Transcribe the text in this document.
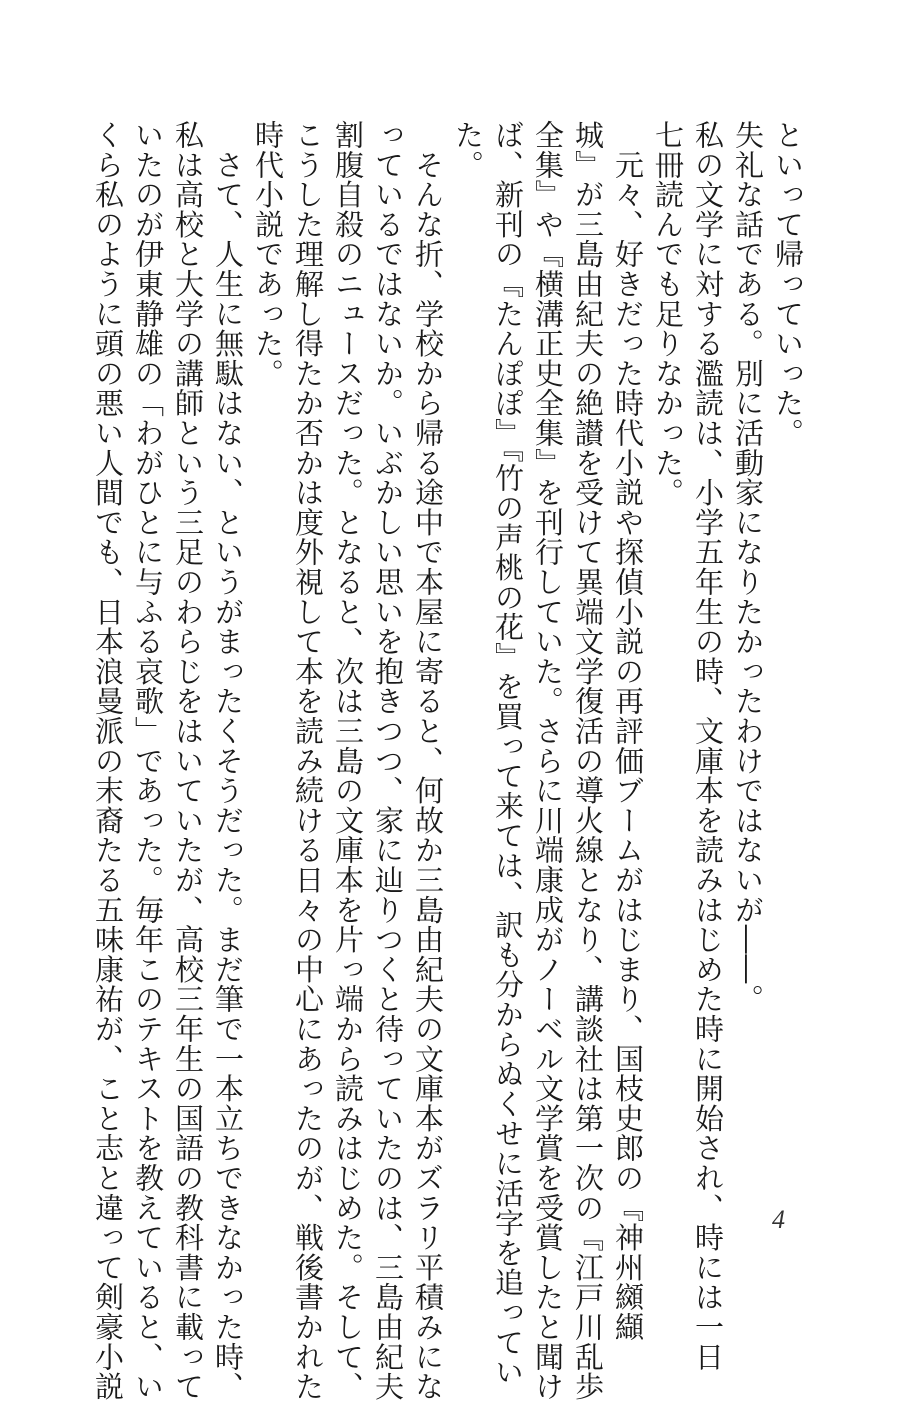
といって帰っていった。
失礼な話である。別に活動家になりたかったわけではないが――。
私の文学に対する濫読は、小学五年生の時、文庫本を読みはじめた時に開始され、時には一日
七冊読んでも足りなかった。
　元々、好きだった時代小説や探偵小説の再評価ブームがはじまり、国枝史郎の『神州纐纈
城』が三島由紀夫の絶讃を受けて異端文学復活の導火線となり、講談社は第一次の『江戸川乱歩
全集』や『横溝正史全集』を刊行していた。さらに川端康成がノーベル文学賞を受賞したと聞け
ば、新刊の『たんぽぽ』『竹の声桃の花』を買って来ては、訳も分からぬくせに活字を追ってい
た。
　そんな折、学校から帰る途中で本屋に寄ると、何故か三島由紀夫の文庫本がズラリ平積みにな
っているではないか。いぶかしい思いを抱きつつ、家に辿りつくと待っていたのは、三島由紀夫
割腹自殺のニュースだった。となると、次は三島の文庫本を片っ端から読みはじめた。そして、
こうした理解し得たか否かは度外視して本を読み続ける日々の中心にあったのが、戦後書かれた
時代小説であった。
　さて、人生に無駄はない、というがまったくそうだった。まだ筆で一本立ちできなかった時、
私は高校と大学の講師という三足のわらじをはいていたが、高校三年生の国語の教科書に載って
いたのが伊東静雄の「わがひとに与ふる哀歌」であった。毎年このテキストを教えていると、い
くら私のように頭の悪い人間でも、日本浪曼派の末裔たる五味康祐が、こと志と違って剣豪小説	4
